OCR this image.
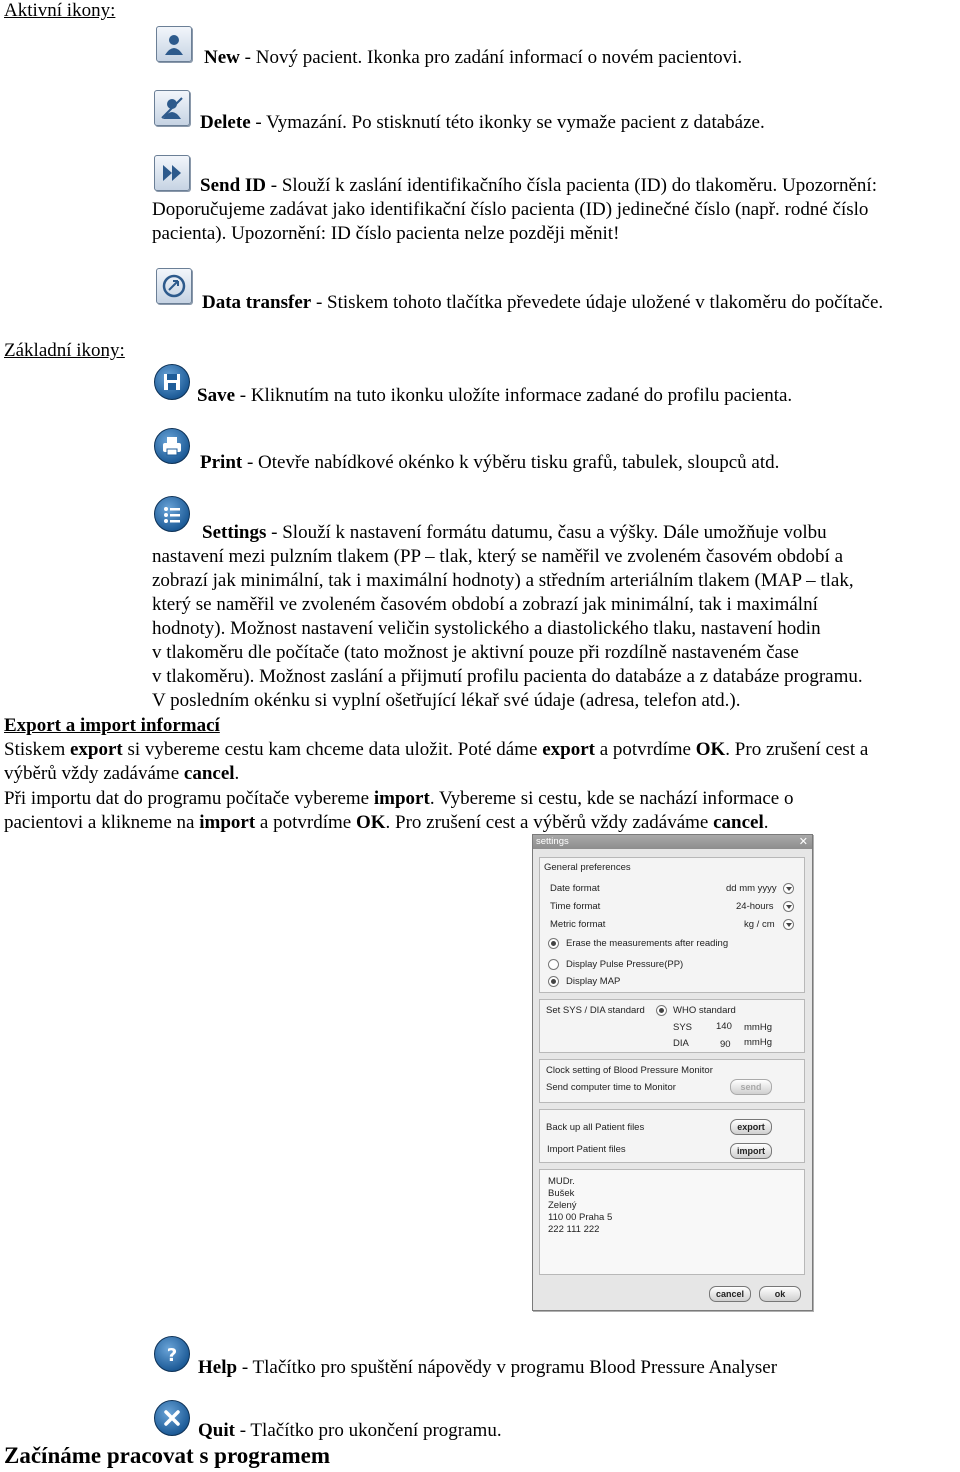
Aktivní ikony:
Základní ikony:
New - Nový pacient. Ikonka pro zadání informací o novém pacientovi.
Delete - Vymazání. Po stisknutí této ikonky se vymaže pacient z databáze.
Send ID - Slouží k zaslání identifikačního čísla pacienta (ID) do tlakoměru. Upozornění:
Doporučujeme zadávat jako identifikační číslo pacienta (ID) jedinečné číslo (např. rodné číslo
pacienta). Upozornění: ID číslo pacienta nelze později měnit!
Data transfer - Stiskem tohoto tlačítka převedete údaje uložené v tlakoměru do počítače.
Save - Kliknutím na tuto ikonku uložíte informace zadané do profilu pacienta.
Print - Otevře nabídkové okénko k výběru tisku grafů, tabulek, sloupců atd.
Settings - Slouží k nastavení formátu datumu, času a výšky. Dále umožňuje volbu
nastavení mezi pulzním tlakem (PP – tlak, který se naměřil ve zvoleném časovém období a
zobrazí jak minimální, tak i maximální hodnoty) a středním arteriálním tlakem (MAP – tlak,
který se naměřil ve zvoleném časovém období a zobrazí jak minimální, tak i maximální
hodnoty). Možnost nastavení veličin systolického a diastolického tlaku, nastavení hodin
v tlakoměru dle počítače (tato možnost je aktivní pouze při rozdílně nastaveném čase
v tlakoměru). Možnost zaslání a přijmutí profilu pacienta do databáze a z databáze programu.
V posledním okénku si vyplní ošetřující lékař své údaje (adresa, telefon atd.).
Export a import informací
Stiskem export si vybereme cestu kam chceme data uložit. Poté dáme export a potvrdíme OK. Pro zrušení cest a
výběrů vždy zadáváme cancel.
Při importu dat do programu počítače vybereme import. Vybereme si cestu, kde se nachází informace o
pacientovi a klikneme na import a potvrdíme OK. Pro zrušení cest a výběrů vždy zadáváme cancel.
settings	✕
General preferences
Date format	dd mm yyyy
Time format	24-hours
Metric format	kg / cm
Erase the measurements after reading
Display Pulse Pressure(PP)
Display MAP
Set SYS / DIA standard	WHO standard
SYS	140 mmHg
DIA	90 mmHg
Clock setting of Blood Pressure Monitor
Send computer time to Monitor	send
Back up all Patient files	export
Import Patient files	import
MUDr.
Bušek
Zelený
110 00 Praha 5
222 111 222
cancel	ok
?
Help - Tlačítko pro spuštění nápovědy v programu Blood Pressure Analyser
Quit - Tlačítko pro ukončení programu.
Začínáme pracovat s programem
